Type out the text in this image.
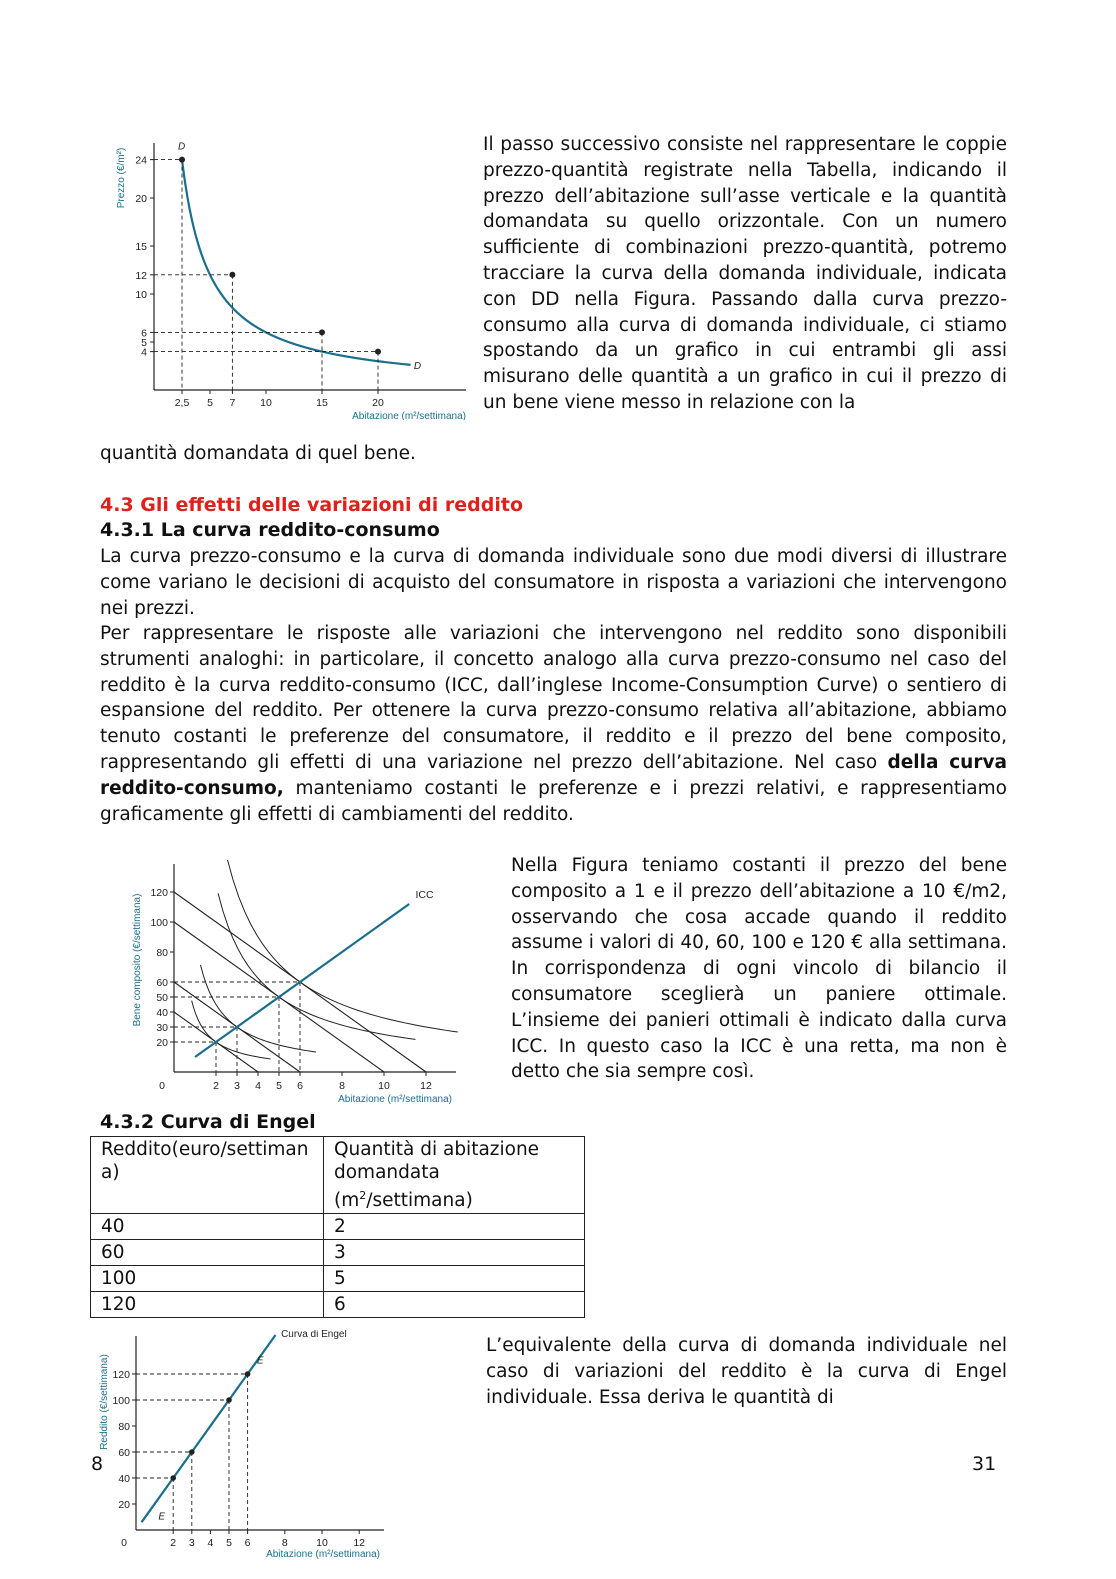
24
20
15
12
10
6
5
4
2,5 5 7 10	15	20
Prezzo (€/m²)
Abitazione (m²/settimana)
D
D

Il passo successivo consiste nel rappresentare le coppie prezzo-quantità registrate nella Tabella, indicando il prezzo dell’abitazione sull’asse verticale e la quantità domandata su quello orizzontale. Con un numero sufficiente di combinazioni prezzo-quantità, potremo tracciare la curva della domanda individuale, indicata con DD nella Figura. Passando dalla curva prezzo-consumo alla curva di domanda individuale, ci stiamo spostando da un grafico in cui entrambi gli assi misurano delle quantità a un grafico in cui il prezzo di un bene viene messo in relazione con la

quantità domandata di quel bene.

4.3 Gli effetti delle variazioni di reddito
4.3.1 La curva reddito-consumo

La curva prezzo-consumo e la curva di domanda individuale sono due modi diversi di illustrare come variano le decisioni di acquisto del consumatore in risposta a variazioni che intervengono nei prezzi.

Per rappresentare le risposte alle variazioni che intervengono nel reddito sono disponibili strumenti analoghi: in particolare, il concetto analogo alla curva prezzo-consumo nel caso del reddito è la curva reddito-consumo (ICC, dall’inglese Income-Consumption Curve) o sentiero di espansione del reddito. Per ottenere la curva prezzo-consumo relativa all’abitazione, abbiamo tenuto costanti le preferenze del consumatore, il reddito e il prezzo del bene composito, rappresentando gli effetti di una variazione nel prezzo dell’abitazione. Nel caso della curva reddito-consumo, manteniamo costanti le preferenze e i prezzi relativi, e rappresentiamo graficamente gli effetti di cambiamenti del reddito.

120
100
80
60
50
40
30
20
2 3 4 5 6	8	10	12
0
Bene composito (€/settimana)
Abitazione (m²/settimana)
ICC

Nella Figura teniamo costanti il prezzo del bene composito a 1 e il prezzo dell’abitazione a 10 €/m2, osservando che cosa accade quando il reddito assume i valori di 40, 60, 100 e 120 € alla settimana. In corrispondenza di ogni vincolo di bilancio il consumatore sceglierà un paniere ottimale. L’insieme dei panieri ottimali è indicato dalla curva ICC. In questo caso la ICC è una retta, ma non è detto che sia sempre così.

4.3.2 Curva di Engel
Reddito(euro/settimana)	Quantità di abitazione domandata $(m^2/settimana)$
40	2
60	3
100	5
120	6
120
100
80
60
40
20
2 3 4 5 6	8	10 12
0
Reddito (€/settimana)
Abitazione (m²/settimana)
Curva di Engel
E
E

L’equivalente della curva di domanda individuale nel caso di variazioni del reddito è la curva di Engel individuale. Essa deriva le quantità di

8	31
